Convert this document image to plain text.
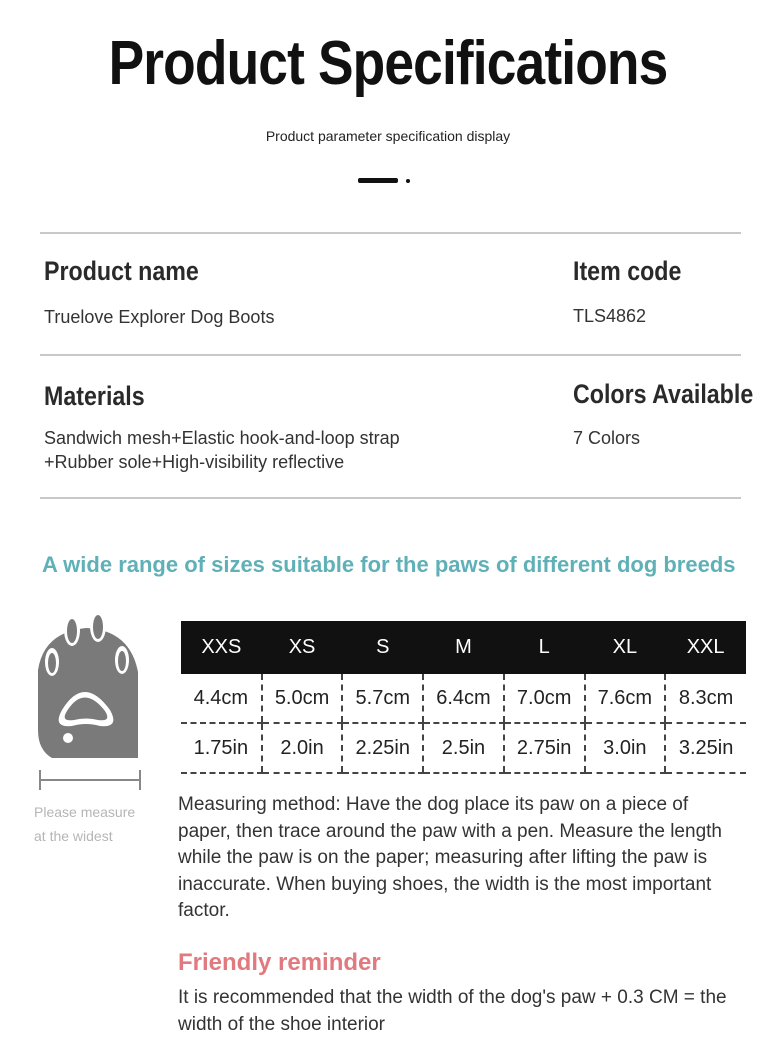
Product Specifications
Product parameter specification display
Product name
Truelove Explorer Dog Boots
Item code
TLS4862
Materials
Sandwich mesh+Elastic hook-and-loop strap
+Rubber sole+High-visibility reflective
Colors Available
7 Colors
A wide range of sizes suitable for the paws of different dog breeds
Please measure
at the widest
XXS	XS	S	M	L	XL	XXL
4.4cm	5.0cm	5.7cm	6.4cm	7.0cm	7.6cm	8.3cm
1.75in	2.0in	2.25in	2.5in	2.75in	3.0in	3.25in
Measuring method: Have the dog place its paw on a piece of paper, then trace around the paw with a pen. Measure the length while the paw is on the paper; measuring after lifting the paw is inaccurate. When buying shoes, the width is the most important factor.
Friendly reminder
It is recommended that the width of the dog's paw + 0.3 CM = the width of the shoe interior
